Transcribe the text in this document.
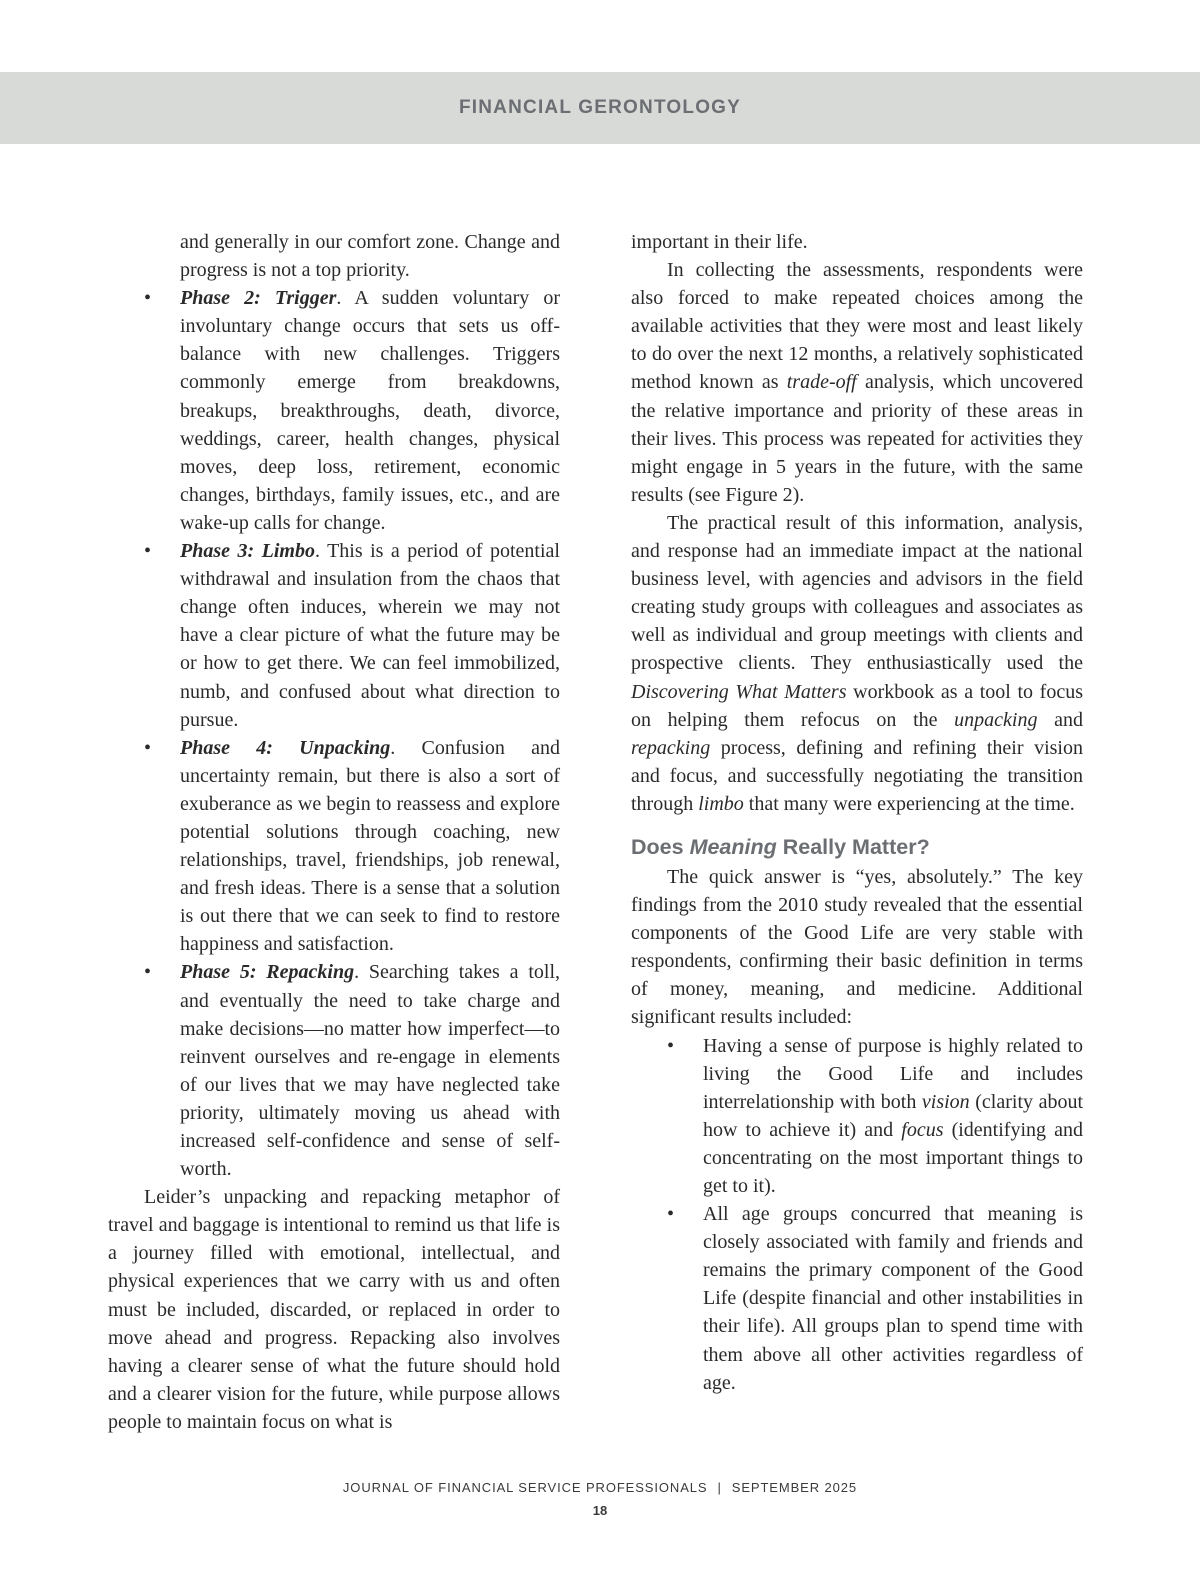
FINANCIAL GERONTOLOGY

and generally in our comfort zone. Change and progress is not a top priority.

• Phase 2: Trigger. A sudden voluntary or involuntary change occurs that sets us off-balance with new challenges. Triggers commonly emerge from breakdowns, breakups, breakthroughs, death, divorce, weddings, career, health changes, physical moves, deep loss, retirement, economic changes, birthdays, family issues, etc., and are wake-up calls for change.
• Phase 3: Limbo. This is a period of potential withdrawal and insulation from the chaos that change often induces, wherein we may not have a clear picture of what the future may be or how to get there. We can feel immobilized, numb, and confused about what direction to pursue.
• Phase 4: Unpacking. Confusion and uncertainty remain, but there is also a sort of exuberance as we begin to reassess and explore potential solutions through coaching, new relationships, travel, friendships, job renewal, and fresh ideas. There is a sense that a solution is out there that we can seek to find to restore happiness and satisfaction.
• Phase 5: Repacking. Searching takes a toll, and eventually the need to take charge and make decisions—no matter how imperfect—to reinvent ourselves and re-engage in elements of our lives that we may have neglected take priority, ultimately moving us ahead with increased self-confidence and sense of self-worth.

Leider’s unpacking and repacking metaphor of travel and baggage is intentional to remind us that life is a journey filled with emotional, intellectual, and physical experiences that we carry with us and often must be included, discarded, or replaced in order to move ahead and progress. Repacking also involves having a clearer sense of what the future should hold and a clearer vision for the future, while purpose allows people to maintain focus on what is

important in their life.

In collecting the assessments, respondents were also forced to make repeated choices among the available activities that they were most and least likely to do over the next 12 months, a relatively sophisticated method known as trade-off analysis, which uncovered the relative importance and priority of these areas in their lives. This process was repeated for activities they might engage in 5 years in the future, with the same results (see Figure 2).

The practical result of this information, analysis, and response had an immediate impact at the national business level, with agencies and advisors in the field creating study groups with colleagues and associates as well as individual and group meetings with clients and prospective clients. They enthusiastically used the Discovering What Matters workbook as a tool to focus on helping them refocus on the unpacking and repacking process, defining and refining their vision and focus, and successfully negotiating the transition through limbo that many were experiencing at the time.

Does Meaning Really Matter?

The quick answer is “yes, absolutely.” The key findings from the 2010 study revealed that the essential components of the Good Life are very stable with respondents, confirming their basic definition in terms of money, meaning, and medicine. Additional significant results included:

• Having a sense of purpose is highly related to living the Good Life and includes interrelationship with both vision (clarity about how to achieve it) and focus (identifying and concentrating on the most important things to get to it).
• All age groups concurred that meaning is closely associated with family and friends and remains the primary component of the Good Life (despite financial and other instabilities in their life). All groups plan to spend time with them above all other activities regardless of age.
JOURNAL OF FINANCIAL SERVICE PROFESSIONALS | SEPTEMBER 2025
18
